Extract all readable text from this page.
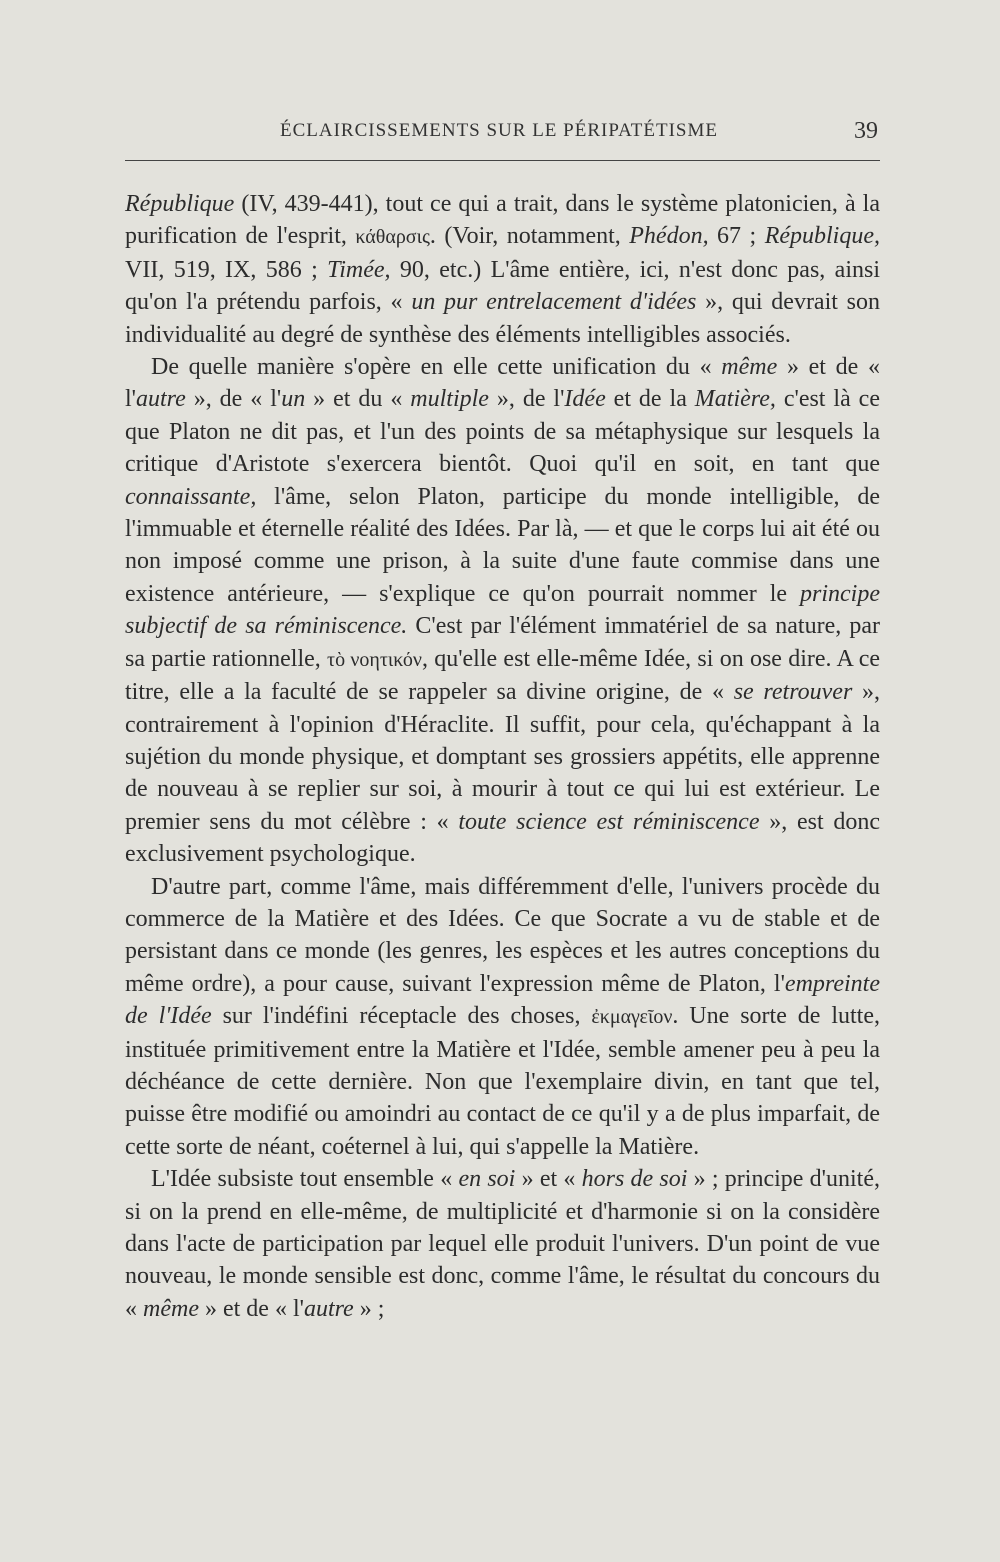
ÉCLAIRCISSEMENTS SUR LE PÉRIPATÉTISME	39

République (IV, 439-441), tout ce qui a trait, dans le système platonicien, à la purification de l'esprit, κάθαρσις. (Voir, notamment, Phédon, 67 ; République, VII, 519, IX, 586 ; Timée, 90, etc.) L'âme entière, ici, n'est donc pas, ainsi qu'on l'a prétendu parfois, « un pur entrelacement d'idées », qui devrait son individualité au degré de synthèse des éléments intelligibles associés.

De quelle manière s'opère en elle cette unification du « même » et de « l'autre », de « l'un » et du « multiple », de l'Idée et de la Matière, c'est là ce que Platon ne dit pas, et l'un des points de sa métaphysique sur lesquels la critique d'Aristote s'exercera bientôt. Quoi qu'il en soit, en tant que connaissante, l'âme, selon Platon, participe du monde intelligible, de l'immuable et éternelle réalité des Idées. Par là, — et que le corps lui ait été ou non imposé comme une prison, à la suite d'une faute commise dans une existence antérieure, — s'explique ce qu'on pourrait nommer le principe subjectif de sa réminiscence. C'est par l'élément immatériel de sa nature, par sa partie rationnelle, τὸ νοητικόν, qu'elle est elle-même Idée, si on ose dire. A ce titre, elle a la faculté de se rappeler sa divine origine, de « se retrouver », contrairement à l'opinion d'Héraclite. Il suffit, pour cela, qu'échappant à la sujétion du monde physique, et domptant ses grossiers appétits, elle apprenne de nouveau à se replier sur soi, à mourir à tout ce qui lui est extérieur. Le premier sens du mot célèbre : « toute science est réminiscence », est donc exclusivement psychologique.

D'autre part, comme l'âme, mais différemment d'elle, l'univers procède du commerce de la Matière et des Idées. Ce que Socrate a vu de stable et de persistant dans ce monde (les genres, les espèces et les autres conceptions du même ordre), a pour cause, suivant l'expression même de Platon, l'empreinte de l'Idée sur l'indéfini réceptacle des choses, ἐκμαγεῖον. Une sorte de lutte, instituée primitivement entre la Matière et l'Idée, semble amener peu à peu la déchéance de cette dernière. Non que l'exemplaire divin, en tant que tel, puisse être modifié ou amoindri au contact de ce qu'il y a de plus imparfait, de cette sorte de néant, coéternel à lui, qui s'appelle la Matière.

L'Idée subsiste tout ensemble « en soi » et « hors de soi » ; principe d'unité, si on la prend en elle-même, de multiplicité et d'harmonie si on la considère dans l'acte de participation par lequel elle produit l'univers. D'un point de vue nouveau, le monde sensible est donc, comme l'âme, le résultat du concours du « même » et de « l'autre » ;
